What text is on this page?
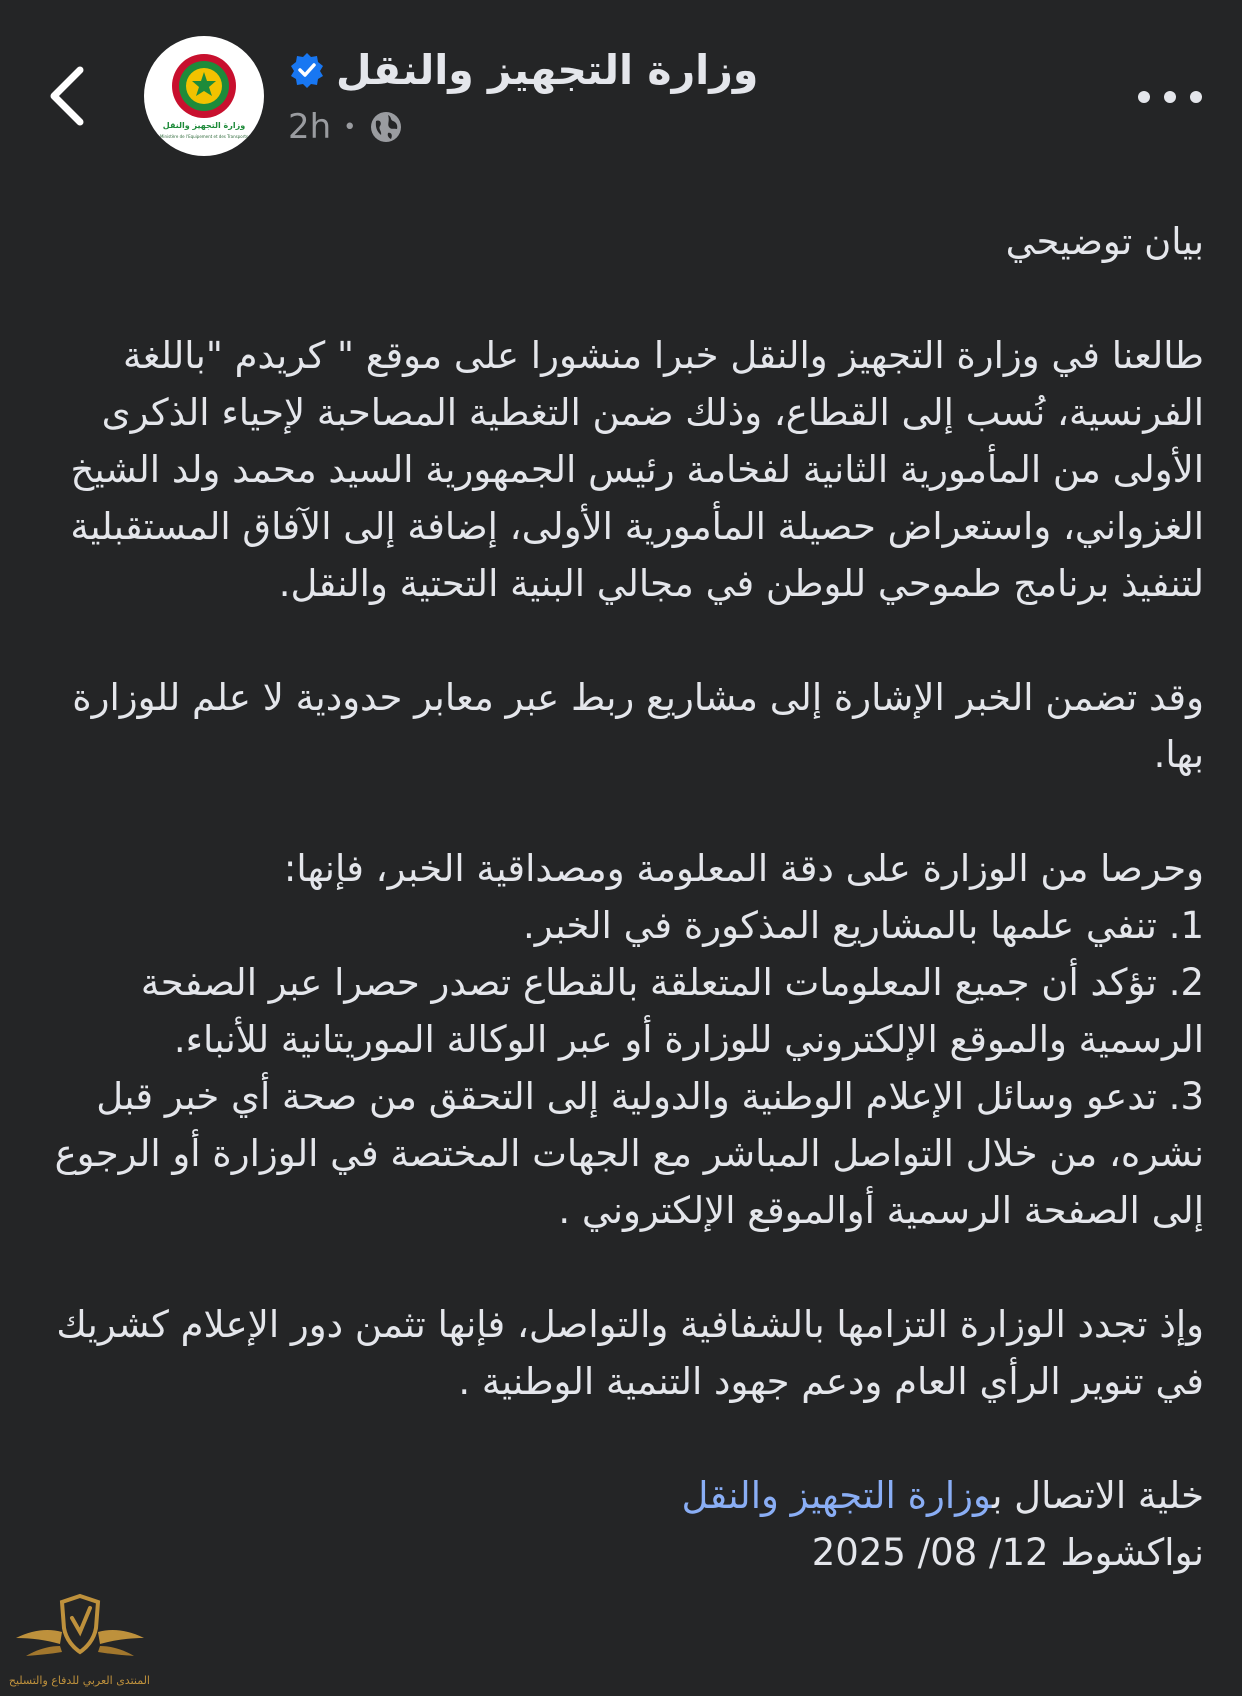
وزارة التجهيز والنقل
Ministère de l'Equipement et des Transports
وزارة التجهيز والنقل
2h •

بيان توضيحي

طالعنا في وزارة التجهيز والنقل خبرا منشورا على موقع " كريدم "باللغة الفرنسية، نُسب إلى القطاع، وذلك ضمن التغطية المصاحبة لإحياء الذكرى الأولى من المأمورية الثانية لفخامة رئيس الجمهورية السيد محمد ولد الشيخ الغزواني، واستعراض حصيلة المأمورية الأولى، إضافة إلى الآفاق المستقبلية لتنفيذ برنامج طموحي للوطن في مجالي البنية التحتية والنقل.

وقد تضمن الخبر الإشارة إلى مشاريع ربط عبر معابر حدودية لا علم للوزارة بها.

وحرصا من الوزارة على دقة المعلومة ومصداقية الخبر، فإنها:

1. تنفي علمها بالمشاريع المذكورة في الخبر.

2. تؤكد أن جميع المعلومات المتعلقة بالقطاع تصدر حصرا عبر الصفحة الرسمية والموقع الإلكتروني للوزارة أو عبر الوكالة الموريتانية للأنباء.

3. تدعو وسائل الإعلام الوطنية والدولية إلى التحقق من صحة أي خبر قبل نشره، من خلال التواصل المباشر مع الجهات المختصة في الوزارة أو الرجوع إلى الصفحة الرسمية أوالموقع الإلكتروني .

وإذ تجدد الوزارة التزامها بالشفافية والتواصل، فإنها تثمن دور الإعلام كشريك في تنوير الرأي العام ودعم جهود التنمية الوطنية .

خلية الاتصال بوزارة التجهيز والنقل

نواكشوط 12/ 08/ 2025

المنتدى العربي للدفاع والتسليح
